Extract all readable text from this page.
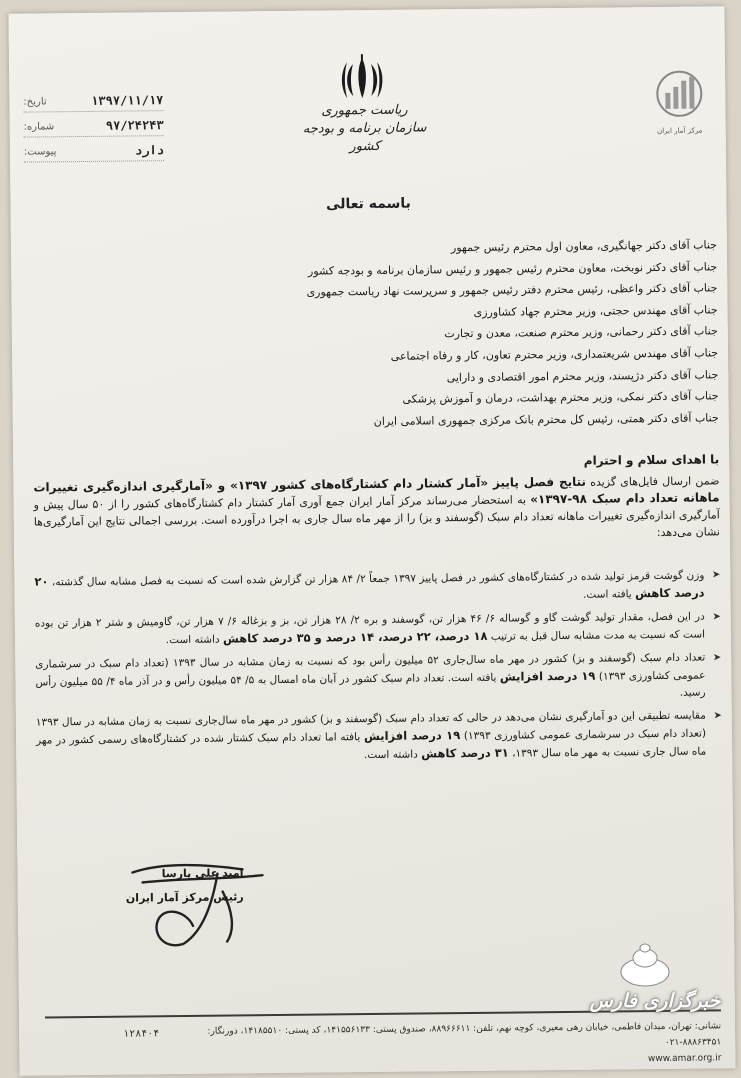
۱۳۹۷/۱۱/۱۷
تاریخ:
۹۷/۲۴۲۴۳
شماره:
دارد
پیوست:
ریاست جمهوری
سازمان برنامه و بودجه کشور
مرکز آمار ایران
باسمه تعالی
جناب آقای دکتر جهانگیری، معاون اول محترم رئیس جمهور
جناب آقای دکتر نوبخت، معاون محترم رئیس جمهور و رئیس سازمان برنامه و بودجه کشور
جناب آقای دکتر واعظی، رئیس محترم دفتر رئیس جمهور و سرپرست نهاد ریاست جمهوری
جناب آقای مهندس حجتی، وزیر محترم جهاد کشاورزی
جناب آقای دکتر رحمانی، وزیر محترم صنعت، معدن و تجارت
جناب آقای مهندس شریعتمداری، وزیر محترم تعاون، کار و رفاه اجتماعی
جناب آقای دکتر دژپسند، وزیر محترم امور اقتصادی و دارایی
جناب آقای دکتر نمکی، وزیر محترم بهداشت، درمان و آموزش پزشکی
جناب آقای دکتر همتی، رئیس کل محترم بانک مرکزی جمهوری اسلامی ایران
با اهدای سلام و احترام
ضمن ارسال فایل‌های گزیده نتایج فصل پاییز «آمار کشتار دام کشتارگاه‌های کشور ۱۳۹۷» و «آمارگیری اندازه‌گیری تغییرات ماهانه تعداد دام سبک ۹۸-۱۳۹۷» به استحضار می‌رساند مرکز آمار ایران جمع آوری آمار کشتار دام کشتارگاه‌های کشور را از ۵۰ سال پیش و آمارگیری اندازه‌گیری تغییرات ماهانه تعداد دام سبک (گوسفند و بز) را از مهر ماه سال جاری به اجرا درآورده است. بررسی اجمالی نتایج این آمارگیری‌ها نشان می‌دهد:
➤ وزن گوشت قرمز تولید شده در کشتارگاه‌های کشور در فصل پاییز ۱۳۹۷ جمعاً ۲/ ۸۴ هزار تن گزارش شده است که نسبت به فصل مشابه سال گذشته، ۲۰ درصد کاهش یافته است.
➤ در این فصل، مقدار تولید گوشت گاو و گوساله ۶/ ۴۶ هزار تن، گوسفند و بره ۲/ ۲۸ هزار تن، بز و بزغاله ۶/ ۷ هزار تن، گاومیش و شتر ۲ هزار تن بوده است که نسبت به مدت مشابه سال قبل به ترتیب ۱۸ درصد، ۲۲ درصد، ۱۴ درصد و ۳۵ درصد کاهش داشته است.
➤ تعداد دام سبک (گوسفند و بز) کشور در مهر ماه سال‌جاری ۵۲ میلیون رأس بود که نسبت به زمان مشابه در سال ۱۳۹۳ (تعداد دام سبک در سرشماری عمومی کشاورزی ۱۳۹۳) ۱۹ درصد افزایش یافته است. تعداد دام سبک کشور در آبان ماه امسال به ۵/ ۵۴ میلیون رأس و در آذر ماه ۴/ ۵۵ میلیون رأس رسید.
➤ مقایسه تطبیقی این دو آمارگیری نشان می‌دهد در حالی که تعداد دام سبک (گوسفند و بز) کشور در مهر ماه سال‌جاری نسبت به زمان مشابه در سال ۱۳۹۳ (تعداد دام سبک در سرشماری عمومی کشاورزی ۱۳۹۳) ۱۹ درصد افزایش یافته اما تعداد دام سبک کشتار شده در کشتارگاه‌های رسمی کشور در مهر ماه سال جاری نسبت به مهر ماه سال ۱۳۹۳، ۳۱ درصد کاهش داشته است.
امید علی پارسا
رئیس مرکز آمار ایران
۱۲۸۴۰۴	نشانی: تهران، میدان فاطمی، خیابان رهی معیری، کوچه نهم، تلفن: ۸۸۹۶۶۶۱۱، صندوق پستی: ۱۴۱۵۵۶۱۳۳، کد پستی: ۱۴۱۸۵۵۱۰، دورنگار: ۸۸۸۶۳۴۵۱-۰۲۱
www.amar.org.ir
خبرگزاری فارس
